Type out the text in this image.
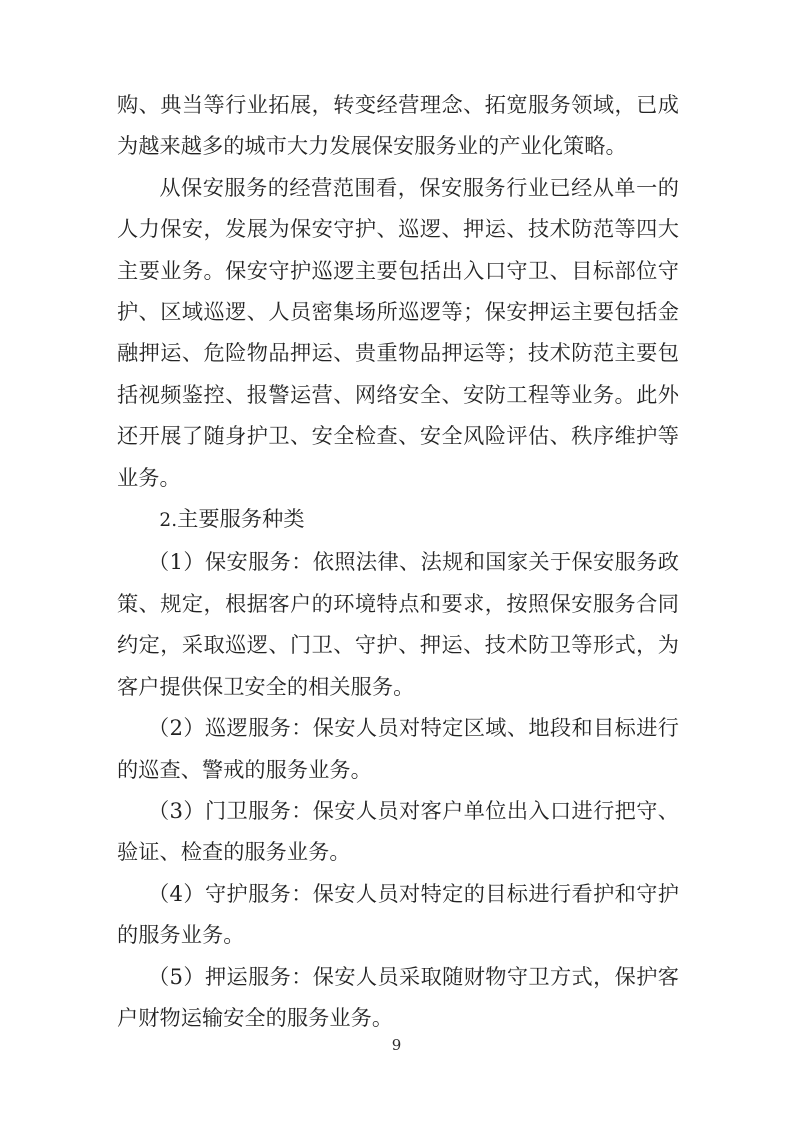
购、典当等行业拓展，转变经营理念、拓宽服务领域，已成为越来越多的城市大力发展保安服务业的产业化策略。

从保安服务的经营范围看，保安服务行业已经从单一的人力保安，发展为保安守护、巡逻、押运、技术防范等四大主要业务。保安守护巡逻主要包括出入口守卫、目标部位守护、区域巡逻、人员密集场所巡逻等；保安押运主要包括金融押运、危险物品押运、贵重物品押运等；技术防范主要包括视频鉴控、报警运营、网络安全、安防工程等业务。此外还开展了随身护卫、安全检查、安全风险评估、秩序维护等业务。

2.主要服务种类

（1）保安服务：依照法律、法规和国家关于保安服务政策、规定，根据客户的环境特点和要求，按照保安服务合同约定，采取巡逻、门卫、守护、押运、技术防卫等形式，为客户提供保卫安全的相关服务。

（2）巡逻服务：保安人员对特定区域、地段和目标进行的巡查、警戒的服务业务。

（3）门卫服务：保安人员对客户单位出入口进行把守、验证、检查的服务业务。

（4）守护服务：保安人员对特定的目标进行看护和守护的服务业务。

（5）押运服务：保安人员采取随财物守卫方式，保护客户财物运输安全的服务业务。

9
